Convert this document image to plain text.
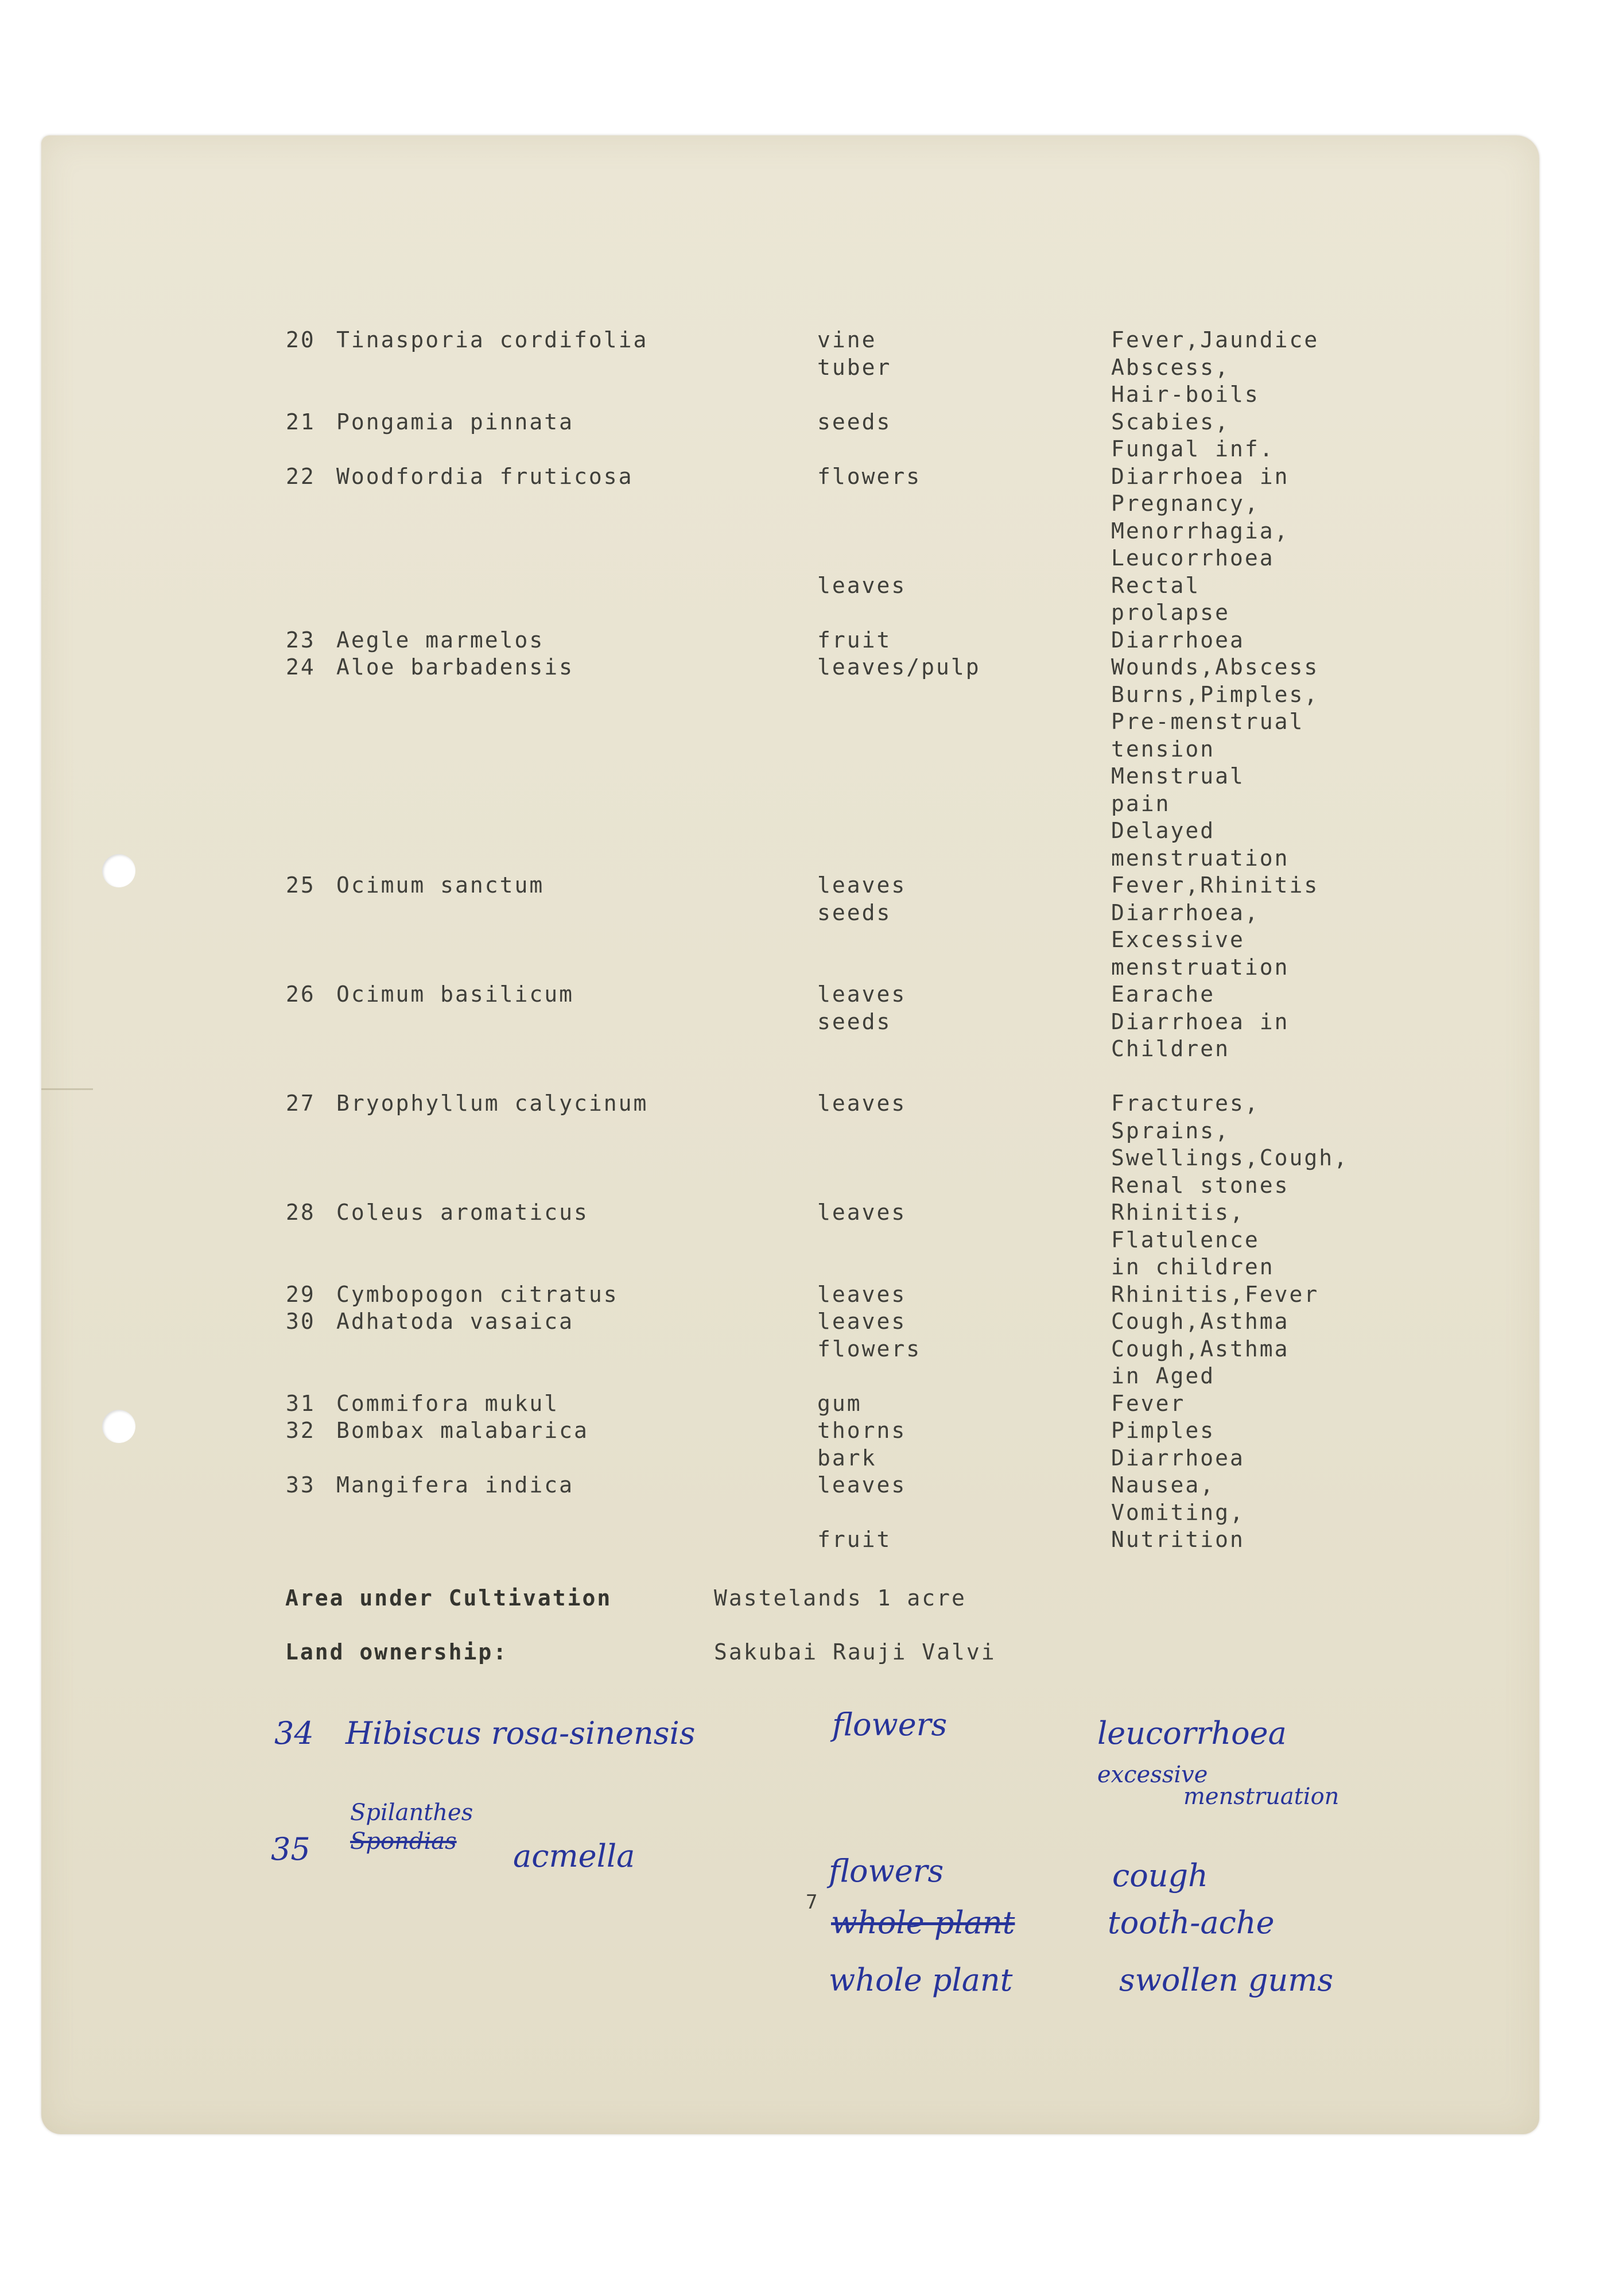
20 Tinasporia cordifolia	vine	Fever,Jaundice
tuber	Abscess,
Hair-boils
21 Pongamia pinnata	seeds	Scabies,
Fungal inf.
22 Woodfordia fruticosa	flowers	Diarrhoea in
Pregnancy,
Menorrhagia,
Leucorrhoea
leaves	Rectal
prolapse
23 Aegle marmelos	fruit	Diarrhoea
24 Aloe barbadensis	leaves/pulp	Wounds,Abscess
Burns,Pimples,
Pre-menstrual
tension
Menstrual
pain
Delayed
menstruation
25 Ocimum sanctum	leaves	Fever,Rhinitis
seeds	Diarrhoea,
Excessive
menstruation
26 Ocimum basilicum	leaves	Earache
seeds	Diarrhoea in
Children
27 Bryophyllum calycinum	leaves	Fractures,
Sprains,
Swellings,Cough,
Renal stones
28 Coleus aromaticus	leaves	Rhinitis,
Flatulence
in children
29 Cymbopogon citratus	leaves	Rhinitis,Fever
30 Adhatoda vasaica	leaves	Cough,Asthma
flowers	Cough,Asthma
in Aged
31 Commifora mukul	gum	Fever
32 Bombax malabarica	thorns	Pimples
bark	Diarrhoea
33 Mangifera indica	leaves	Nausea,
Vomiting,
fruit	Nutrition
Area under Cultivation	Wastelands 1 acre
Land ownership:	Sakubai Rauji Valvi
34 Hibiscus rosa-sinensis	flowers	leucorrhoea
excessive
menstruation
Spilanthes
Spondias
35	acmella	flowers	cough
7
whole plant	tooth-ache
whole plant	swollen gums
